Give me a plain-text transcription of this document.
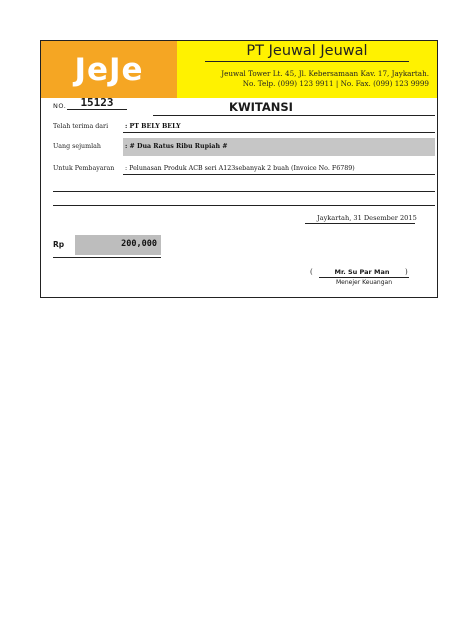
JeJe
PT Jeuwal Jeuwal
Jeuwal Tower Lt. 45, Jl. Kebersamaan Kav. 17, Jaykartah.
No. Telp. (099) 123 9911 | No. Fax. (099) 123 9999
NO.	15123	KWITANSI
Telah terima dari	: PT BELY BELY
Uang sejumlah	: # Dua Ratus Ribu Rupiah #
Untuk Pembayaran : Pelunasan Produk ACB seri A123sebanyak 2 buah (Invoice No. F6789)
Jaykartah, 31 Desember 2015
Rp	200,000
(	Mr. Su Par Man	)
Menejer Keuangan
